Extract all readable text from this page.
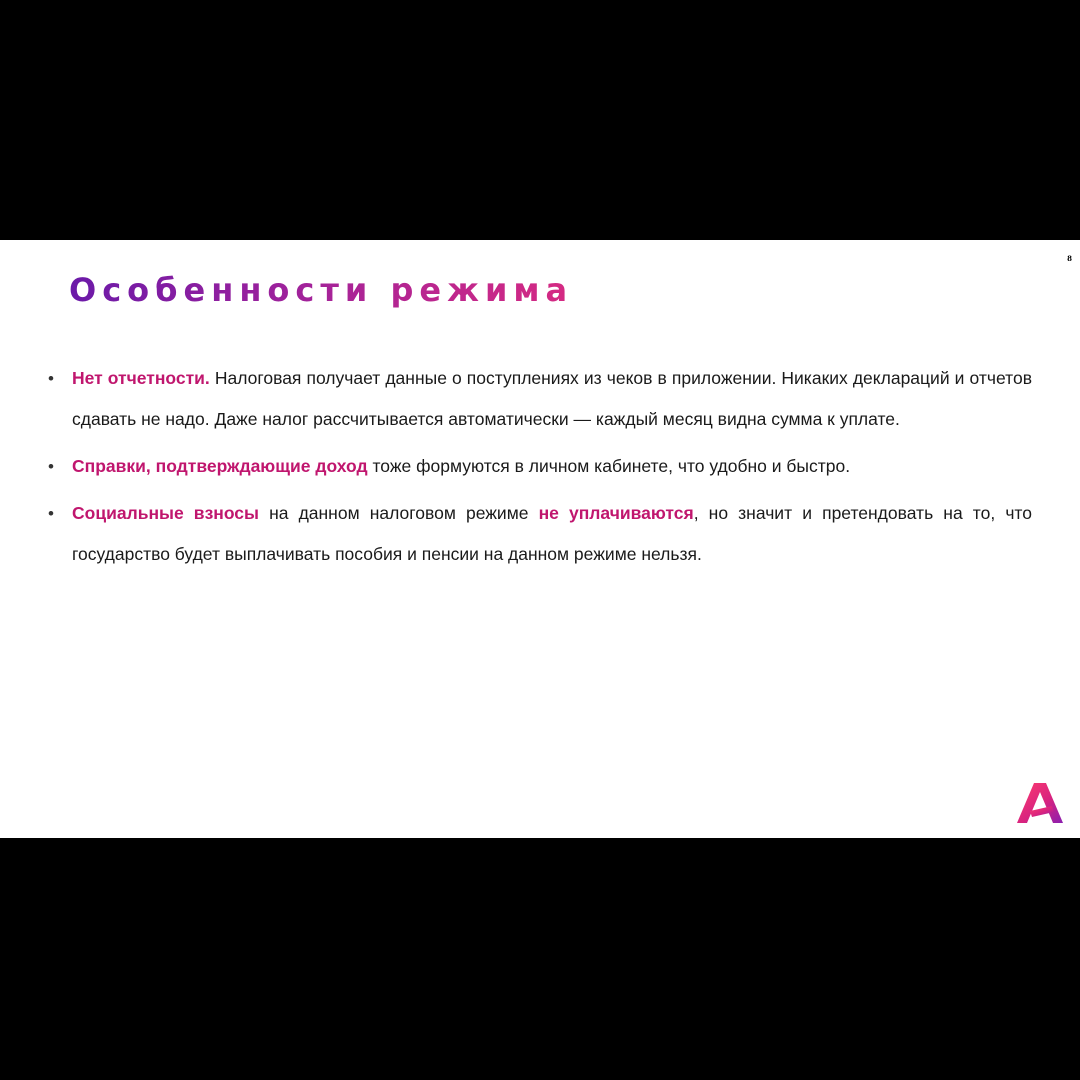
8
Особенности режима
• Нет отчетности. Налоговая получает данные о поступлениях из чеков в приложении. Никаких деклараций и отчетов сдавать не надо. Даже налог рассчитывается автоматически — каждый месяц видна сумма к уплате.
• Справки, подтверждающие доход тоже формуются в личном кабинете, что удобно и быстро.
• Социальные взносы на данном налоговом режиме не уплачиваются, но значит и претендовать на то, что государство будет выплачивать пособия и пенсии на данном режиме нельзя.
